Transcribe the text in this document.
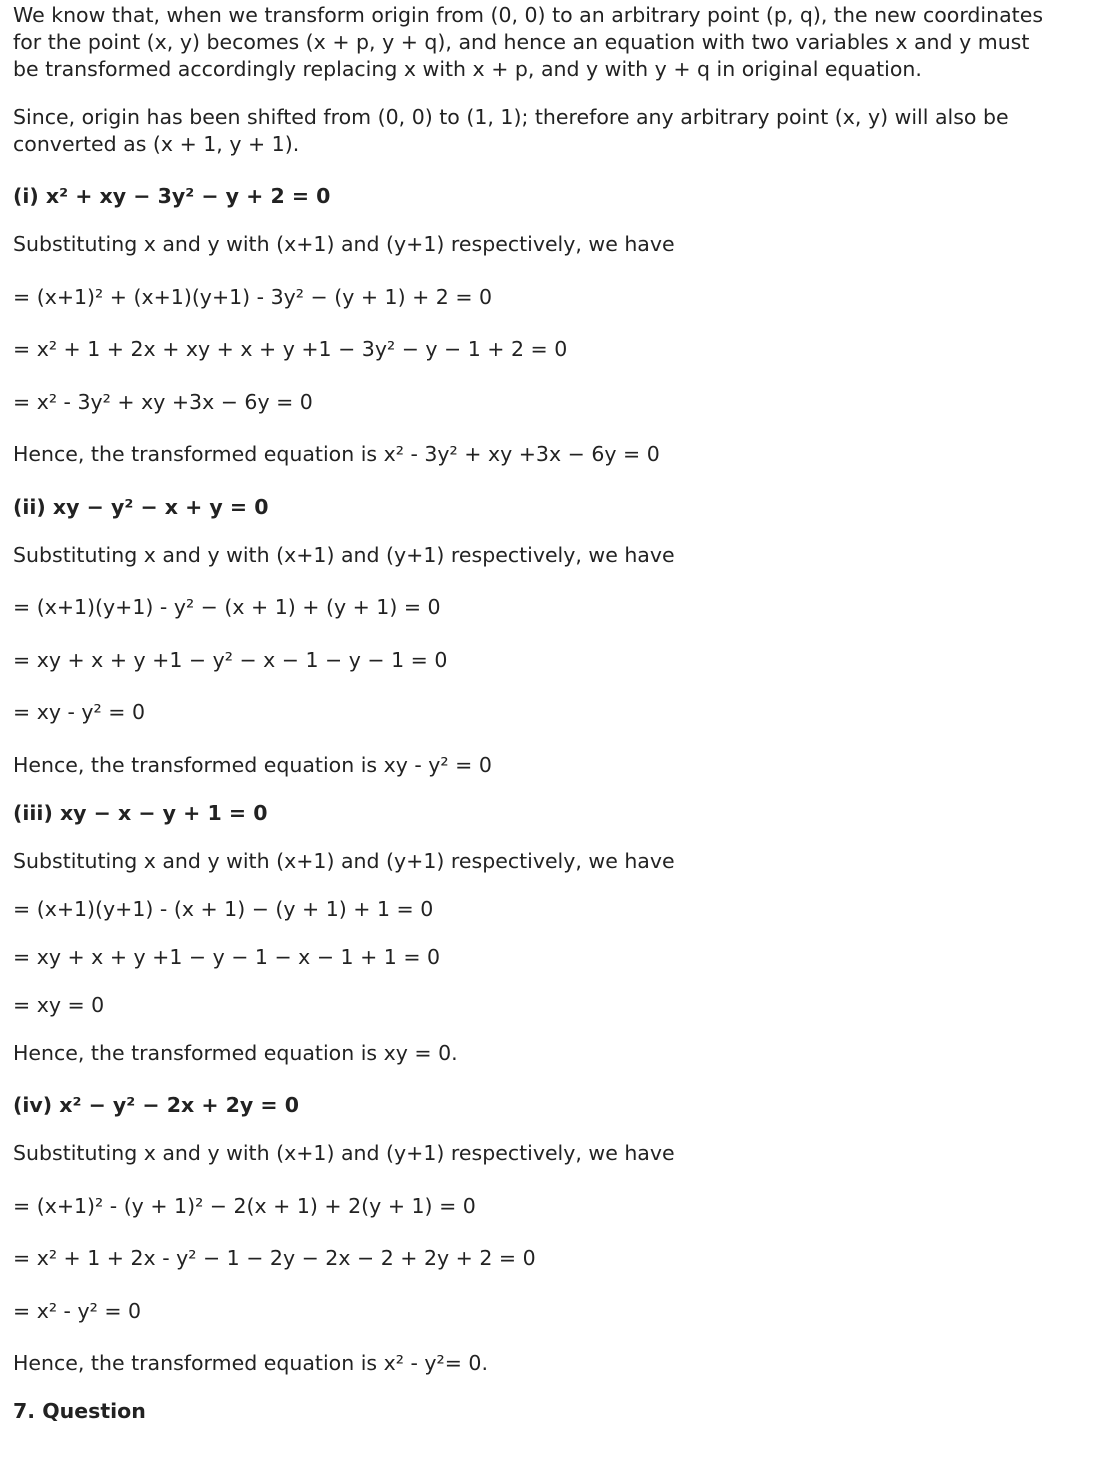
We know that, when we transform origin from (0, 0) to an arbitrary point (p, q), the new coordinates
for the point (x, y) becomes (x + p, y + q), and hence an equation with two variables x and y must
be transformed accordingly replacing x with x + p, and y with y + q in original equation.
Since, origin has been shifted from (0, 0) to (1, 1); therefore any arbitrary point (x, y) will also be
converted as (x + 1, y + 1).
(i) x² + xy − 3y² − y + 2 = 0
Substituting x and y with (x+1) and (y+1) respectively, we have
= (x+1)² + (x+1)(y+1) - 3y² − (y + 1) + 2 = 0
= x² + 1 + 2x + xy + x + y +1 − 3y² − y − 1 + 2 = 0
= x² - 3y² + xy +3x − 6y = 0
Hence, the transformed equation is x² - 3y² + xy +3x − 6y = 0
(ii) xy − y² − x + y = 0
Substituting x and y with (x+1) and (y+1) respectively, we have
= (x+1)(y+1) - y² − (x + 1) + (y + 1) = 0
= xy + x + y +1 − y² − x − 1 − y − 1 = 0
= xy - y² = 0
Hence, the transformed equation is xy - y² = 0
(iii) xy − x − y + 1 = 0
Substituting x and y with (x+1) and (y+1) respectively, we have
= (x+1)(y+1) - (x + 1) − (y + 1) + 1 = 0
= xy + x + y +1 − y − 1 − x − 1 + 1 = 0
= xy = 0
Hence, the transformed equation is xy = 0.
(iv) x² − y² − 2x + 2y = 0
Substituting x and y with (x+1) and (y+1) respectively, we have
= (x+1)² - (y + 1)² − 2(x + 1) + 2(y + 1) = 0
= x² + 1 + 2x - y² − 1 − 2y − 2x − 2 + 2y + 2 = 0
= x² - y² = 0
Hence, the transformed equation is x² - y²= 0.
7. Question
